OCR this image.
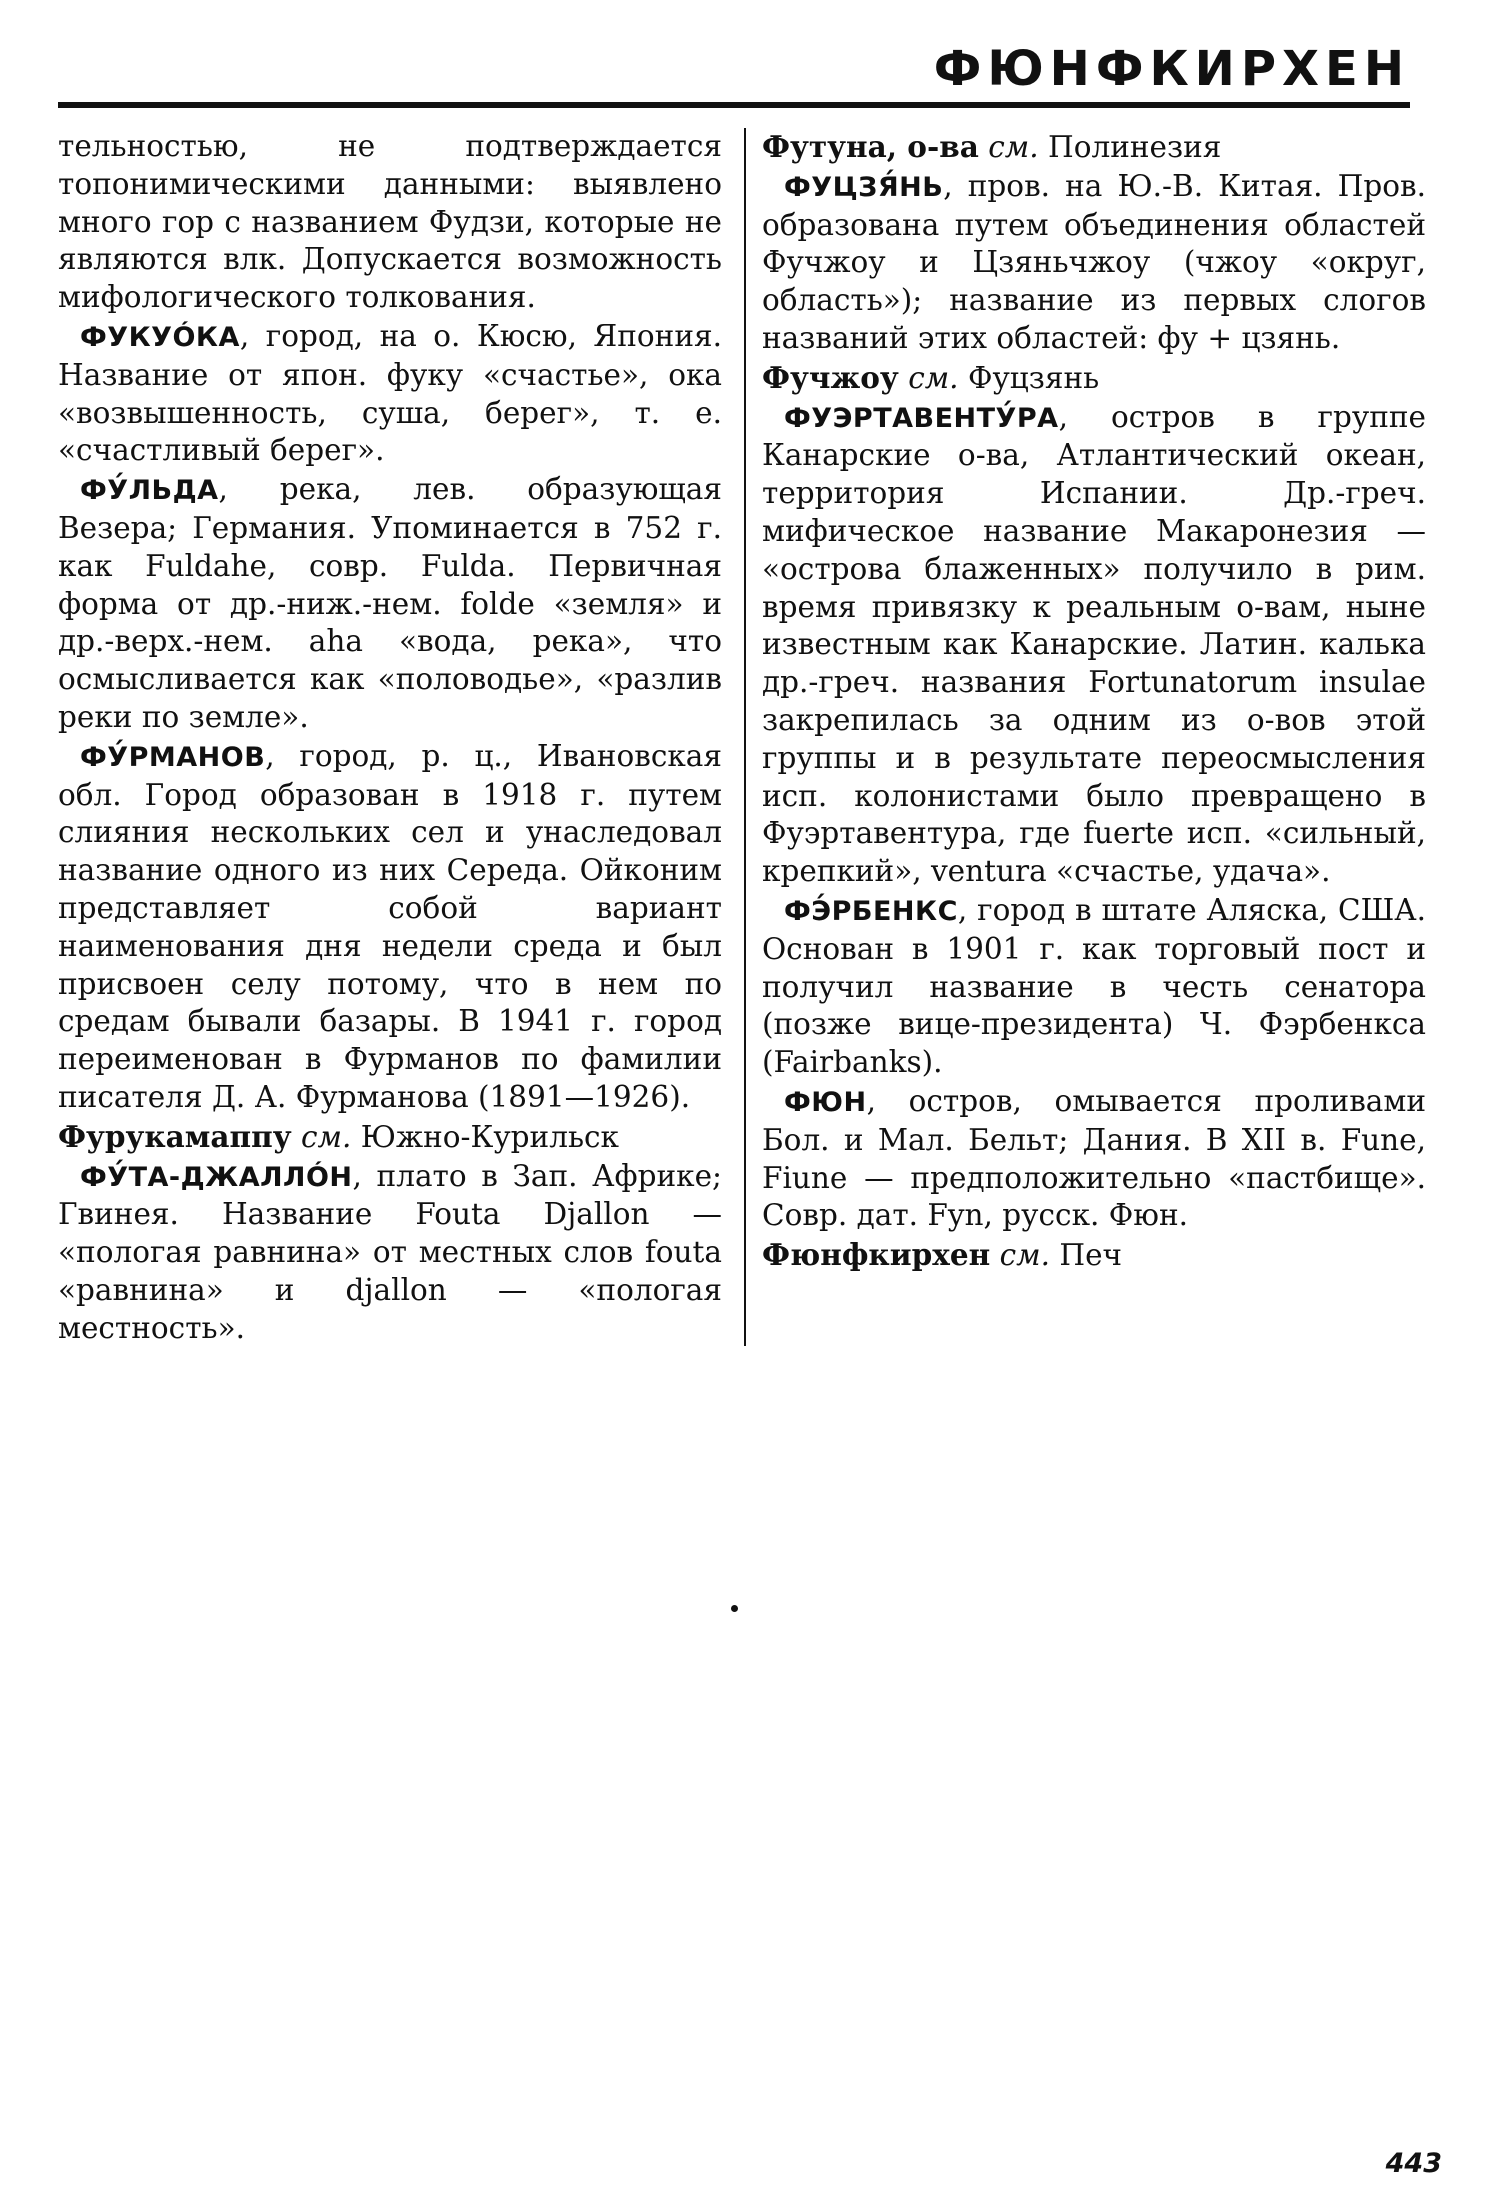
ФЮНФКИРХЕН

тельностью, не подтверждается топонимическими данными: выявлено много гор с названием Фудзи, которые не являются влк. Допускается возможность мифологического толкования.

ФУКУÓКА, город, на о. Кюсю, Япония. Название от япон. фуку «счастье», ока «возвышенность, суша, берег», т. е. «счастливый берег».

ФУ́ЛЬДА, река, лев. образующая Везера; Германия. Упоминается в 752 г. как Fuldahe, совр. Fulda. Первичная форма от др.-ниж.-нем. folde «земля» и др.-верх.-нем. aha «вода, река», что осмысливается как «половодье», «разлив реки по земле».

ФУ́РМАНОВ, город, р. ц., Ивановская обл. Город образован в 1918 г. путем слияния нескольких сел и унаследовал название одного из них Середа. Ойконим представляет собой вариант наименования дня недели среда и был присвоен селу потому, что в нем по средам бывали базары. В 1941 г. город переименован в Фурманов по фамилии писателя Д. А. Фурманова (1891—1926).

Фурукамаппу см. Южно-Курильск

ФУ́ТА-ДЖАЛЛÓН, плато в Зап. Африке; Гвинея. Название Fouta Djallon — «пологая равнина» от местных слов fouta «равнина» и djallon — «пологая местность».

Футуна, о-ва см. Полинезия

ФУЦЗЯ́НЬ, пров. на Ю.-В. Китая. Пров. образована путем объединения областей Фучжоу и Цзяньчжоу (чжоу «округ, область»); название из первых слогов названий этих областей: фу + цзянь.

Фучжоу см. Фуцзянь

ФУЭРТАВЕНТУ́РА, остров в группе Канарские о-ва, Атлантический океан, территория Испании. Др.-греч. мифическое название Макаронезия — «острова блаженных» получило в рим. время привязку к реальным о-вам, ныне известным как Канарские. Латин. калька др.-греч. названия Fortunatorum insulae закрепилась за одним из о-вов этой группы и в результате переосмысления исп. колонистами было превращено в Фуэртавентура, где fuerte исп. «сильный, крепкий», ventura «счастье, удача».

ФЭ́РБЕНКС, город в штате Аляска, США. Основан в 1901 г. как торговый пост и получил название в честь сенатора (позже вице-президента) Ч. Фэрбенкса (Fairbanks).

ФЮН, остров, омывается проливами Бол. и Мал. Бельт; Дания. В XII в. Fune, Fiune — предположительно «пастбище». Совр. дат. Fyn, русск. Фюн.

Фюнфкирхен см. Печ

443
